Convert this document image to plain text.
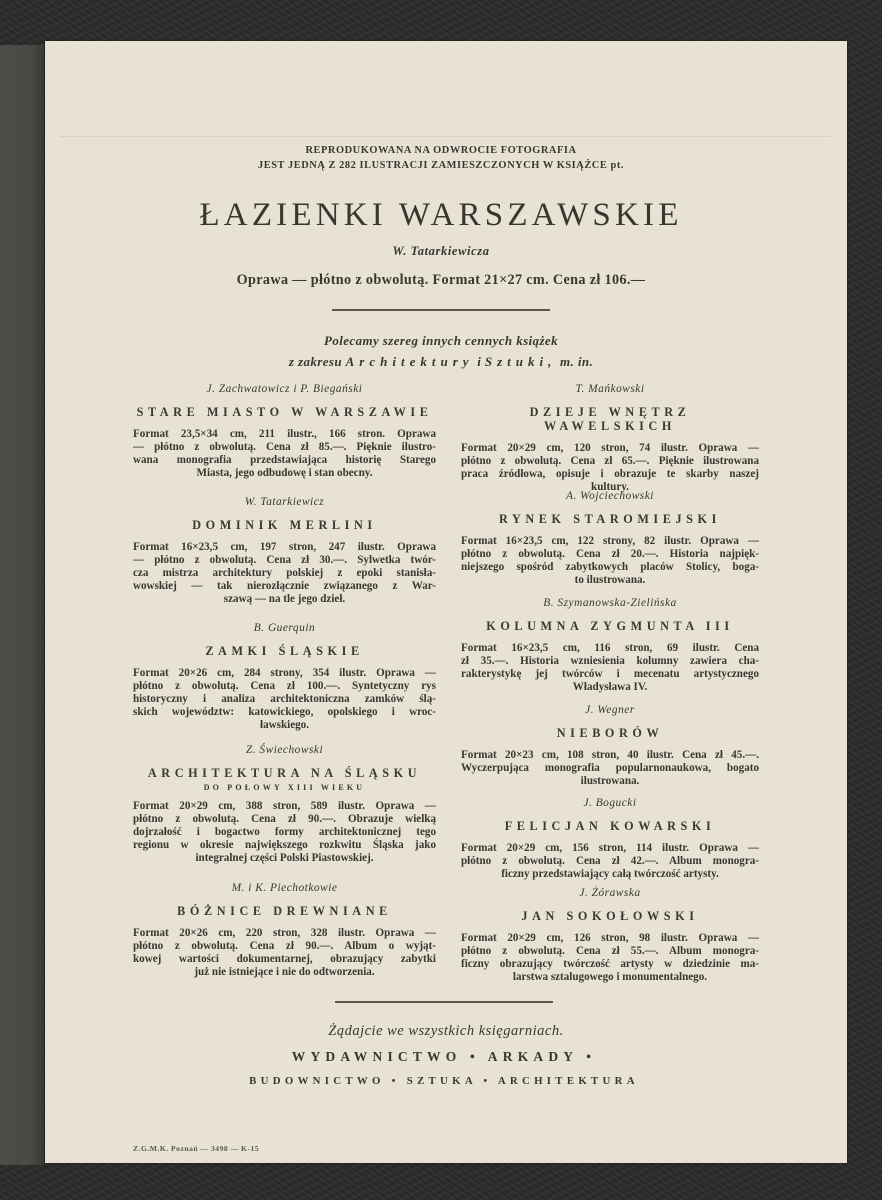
REPRODUKOWANA NA ODWROCIE FOTOGRAFIA
JEST JEDNĄ Z 282 ILUSTRACJI ZAMIESZCZONYCH W KSIĄŻCE pt.
ŁAZIENKI WARSZAWSKIE
W. Tatarkiewicza
Oprawa — płótno z obwolutą. Format 21×27 cm. Cena zł 106.—
Polecamy szereg innych cennych książek
z zakresu Architektury i Sztuki, m. in.
J. Zachwatowicz i P. Biegański
STARE MIASTO W WARSZAWIE
Format 23,5×34 cm, 211 ilustr., 166 stron. Oprawa
— płótno z obwolutą. Cena zł 85.—. Pięknie ilustro-
wana monografia przedstawiająca historię Starego
Miasta, jego odbudowę i stan obecny.
W. Tatarkiewicz
DOMINIK MERLINI
Format 16×23,5 cm, 197 stron, 247 ilustr. Oprawa
— płótno z obwolutą. Cena zł 30.—. Sylwetka twór-
cza mistrza architektury polskiej z epoki stanisła-
wowskiej — tak nierozłącznie związanego z War-
szawą — na tle jego dzieł.
B. Guerquin
ZAMKI ŚLĄSKIE
Format 20×26 cm, 284 strony, 354 ilustr. Oprawa —
płótno z obwolutą. Cena zł 100.—. Syntetyczny rys
historyczny i analiza architektoniczna zamków ślą-
skich województw: katowickiego, opolskiego i wroc-
ławskiego.
Z. Świechowski
ARCHITEKTURA NA ŚLĄSKU
DO POŁOWY XIII WIEKU
Format 20×29 cm, 388 stron, 589 ilustr. Oprawa —
płótno z obwolutą. Cena zł 90.—. Obrazuje wielką
dojrzałość i bogactwo formy architektonicznej tego
regionu w okresie największego rozkwitu Śląska jako
integralnej części Polski Piastowskiej.
M. i K. Piechotkowie
BÓŻNICE DREWNIANE
Format 20×26 cm, 220 stron, 328 ilustr. Oprawa —
płótno z obwolutą. Cena zł 90.—. Album o wyjąt-
kowej wartości dokumentarnej, obrazujący zabytki
już nie istniejące i nie do odtworzenia.
T. Mańkowski
DZIEJE WNĘTRZ WAWELSKICH
Format 20×29 cm, 120 stron, 74 ilustr. Oprawa —
płótno z obwolutą. Cena zł 65.—. Pięknie ilustrowana
praca źródłowa, opisuje i obrazuje te skarby naszej
kultury.
A. Wojciechowski
RYNEK STAROMIEJSKI
Format 16×23,5 cm, 122 strony, 82 ilustr. Oprawa —
płótno z obwolutą. Cena zł 20.—. Historia najpięk-
niejszego spośród zabytkowych placów Stolicy, boga-
to ilustrowana.
B. Szymanowska-Zielińska
KOLUMNA ZYGMUNTA III
Format 16×23,5 cm, 116 stron, 69 ilustr. Cena
zł 35.—. Historia wzniesienia kolumny zawiera cha-
rakterystykę jej twórców i mecenatu artystycznego
Władysława IV.
J. Wegner
NIEBORÓW
Format 20×23 cm, 108 stron, 40 ilustr. Cena zł 45.—.
Wyczerpująca monografia popularnonaukowa, bogato
ilustrowana.
J. Bogucki
FELICJAN KOWARSKI
Format 20×29 cm, 156 stron, 114 ilustr. Oprawa —
płótno z obwolutą. Cena zł 42.—. Album monogra-
ficzny przedstawiający całą twórczość artysty.
J. Żórawska
JAN SOKOŁOWSKI
Format 20×29 cm, 126 stron, 98 ilustr. Oprawa —
płótno z obwolutą. Cena zł 55.—. Album monogra-
ficzny obrazujący twórczość artysty w dziedzinie ma-
larstwa sztalugowego i monumentalnego.
Żądajcie we wszystkich księgarniach.
WYDAWNICTWO • ARKADY •
BUDOWNICTWO • SZTUKA • ARCHITEKTURA
Z.G.M.K. Poznań — 3498 — K-15
